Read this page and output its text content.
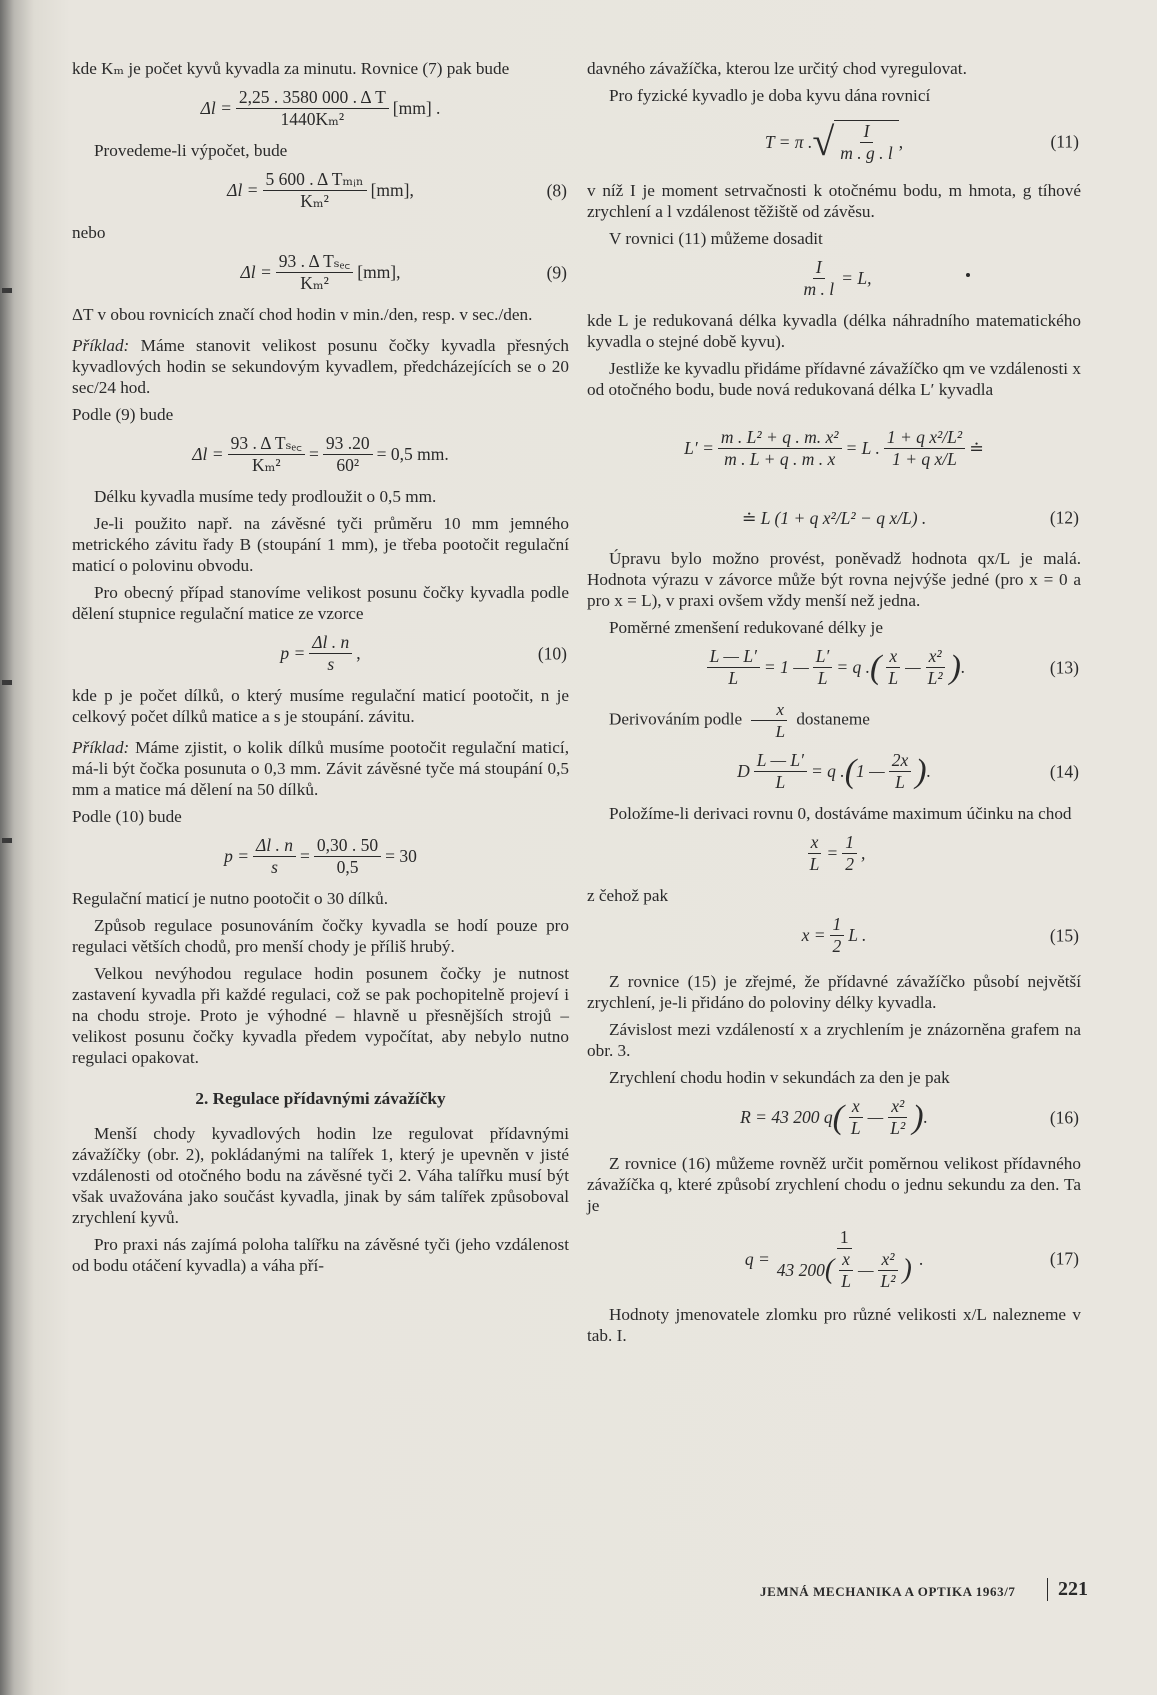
kde Kₘ je počet kyvů kyvadla za minutu. Rovnice (7) pak bude

$\Delta l = \frac{\text{2,25 . 3580 000 . Δ T}}{\text{1440Kₘ²}} [mm]$ .

Provedeme-li výpočet, bude

$\Delta l = \frac{\text{5 600 . Δ Tₘᵢₙ}}{\text{Kₘ²}} [mm]$,	(8)

nebo

$\Delta l = \frac{\text{93 . Δ Tₛₑ꜀}}{\text{Kₘ²}} [mm]$,	(9)

ΔT v obou rovnicích značí chod hodin v min./den, resp. v sec./den.

Příklad: Máme stanovit velikost posunu čočky kyvadla přesných kyvadlových hodin se sekundovým kyvadlem, předcházejících se o 20 sec/24 hod.

Podle (9) bude

$\Delta l = \frac{\text{93 . Δ Tₛₑ꜀}}{\text{Kₘ²}} = \frac{93 .20}{\text{60²}} = 0,5$ mm.

Délku kyvadla musíme tedy prodloužit o 0,5 mm.

Je-li použito např. na závěsné tyči průměru 10 mm jemného metrického závitu řady B (stoupání 1 mm), je třeba pootočit regulační maticí o polovinu obvodu.

Pro obecný případ stanovíme velikost posunu čočky kyvadla podle dělení stupnice regulační matice ze vzorce

$p = \frac{\Delta l . n}{s}$ ,	(10)

kde p je počet dílků, o který musíme regulační maticí pootočit, n je celkový počet dílků matice a s je stoupání. závitu.

Příklad: Máme zjistit, o kolik dílků musíme pootočit regulační maticí, má-li být čočka posunuta o 0,3 mm. Závit závěsné tyče má stoupání 0,5 mm a matice má dělení na 50 dílků.

Podle (10) bude

$p = \frac{\Delta l . n}{s} = \frac{0,30 . 50}{0,5} = 30$

Regulační maticí je nutno pootočit o 30 dílků.

Způsob regulace posunováním čočky kyvadla se hodí pouze pro regulaci větších chodů, pro menší chody je příliš hrubý.

Velkou nevýhodou regulace hodin posunem čočky je nutnost zastavení kyvadla při každé regulaci, což se pak pochopitelně projeví i na chodu stroje. Proto je výhodné – hlavně u přesnějších strojů – velikost posunu čočky kyvadla předem vypočítat, aby nebylo nutno regulaci opakovat.

2. Regulace přídavnými závažíčky

Menší chody kyvadlových hodin lze regulovat přídavnými závažíčky (obr. 2), pokládanými na talířek 1, který je upevněn v jisté vzdálenosti od otočného bodu na závěsné tyči 2. Váha talířku musí být však uvažována jako součást kyvadla, jinak by sám talířek způsoboval zrychlení kyvů.

Pro praxi nás zajímá poloha talířku na závěsné tyči (jeho vzdálenost od bodu otáčení kyvadla) a váha pří-

davného závažíčka, kterou lze určitý chod vyregulovat.

Pro fyzické kyvadlo je doba kyvu dána rovnicí

T = π . √ $\frac{I}{m . g . l}$ ,	(11)

v níž I je moment setrvačnosti k otočnému bodu, m hmota, g tíhové zrychlení a l vzdálenost těžiště od závěsu.

V rovnici (11) můžeme dosadit

$\frac{I}{m . l} = L$,

kde L je redukovaná délka kyvadla (délka náhradního matematického kyvadla o stejné době kyvu).

Jestliže ke kyvadlu přidáme přídavné závažíčko qm ve vzdálenosti x od otočného bodu, bude nová redukovaná délka L′ kyvadla

$L' = \frac{\text{m . L² + q . m. x²}}{m . L + q . m . x} = L$ . $\frac{\text{1 + q x²/L²}}{\text{1 + q x/L}}$ ≐
≐ L (1 + q x²/L² − q x/L) .	(12)

Úpravu bylo možno provést, poněvadž hodnota qx/L je malá. Hodnota výrazu v závorce může být rovna nejvýše jedné (pro x = 0 a pro x = L), v praxi ovšem vždy menší než jedna.

Poměrné zmenšení redukované délky je

$\frac{L — L'}{L} = 1$ — $\frac{L'}{L} = q$ . ( $\frac{x}{L}$ — $\frac{\text{x²}}{\text{L²}}$ ) .	(13)

Derivováním podle $\frac{x}{L}$ dostaneme

D $\frac{L — L'}{L} = q$ . ( 1 — $\frac{2x}{L}$ ) .	(14)

Položíme-li derivaci rovnu 0, dostáváme maximum účinku na chod

$\frac{x}{L} = \frac{1}{2}$ ,

z čehož pak

$x = \frac{1}{2}$ L .	(15)

Z rovnice (15) je zřejmé, že přídavné závažíčko působí největší zrychlení, je-li přidáno do poloviny délky kyvadla.

Závislost mezi vzdáleností x a zrychlením je znázorněna grafem na obr. 3.

Zrychlení chodu hodin v sekundách za den je pak

R = 43 200 q ( $\frac{x}{L}$ — $\frac{\text{x²}}{\text{L²}}$ ) .	(16)

Z rovnice (16) můžeme rovněž určit poměrnou velikost přídavného závažíčka q, které způsobí zrychlení chodu o jednu sekundu za den. Ta je

$q = \frac{1}{43 200 ( \frac{x}{L} — \frac{\text{x²}}{\text{L²}} )}$ .	(17)

Hodnoty jmenovatele zlomku pro různé velikosti x/L nalezneme v tab. I.

JEMNÁ MECHANIKA A OPTIKA 1963/7	221
